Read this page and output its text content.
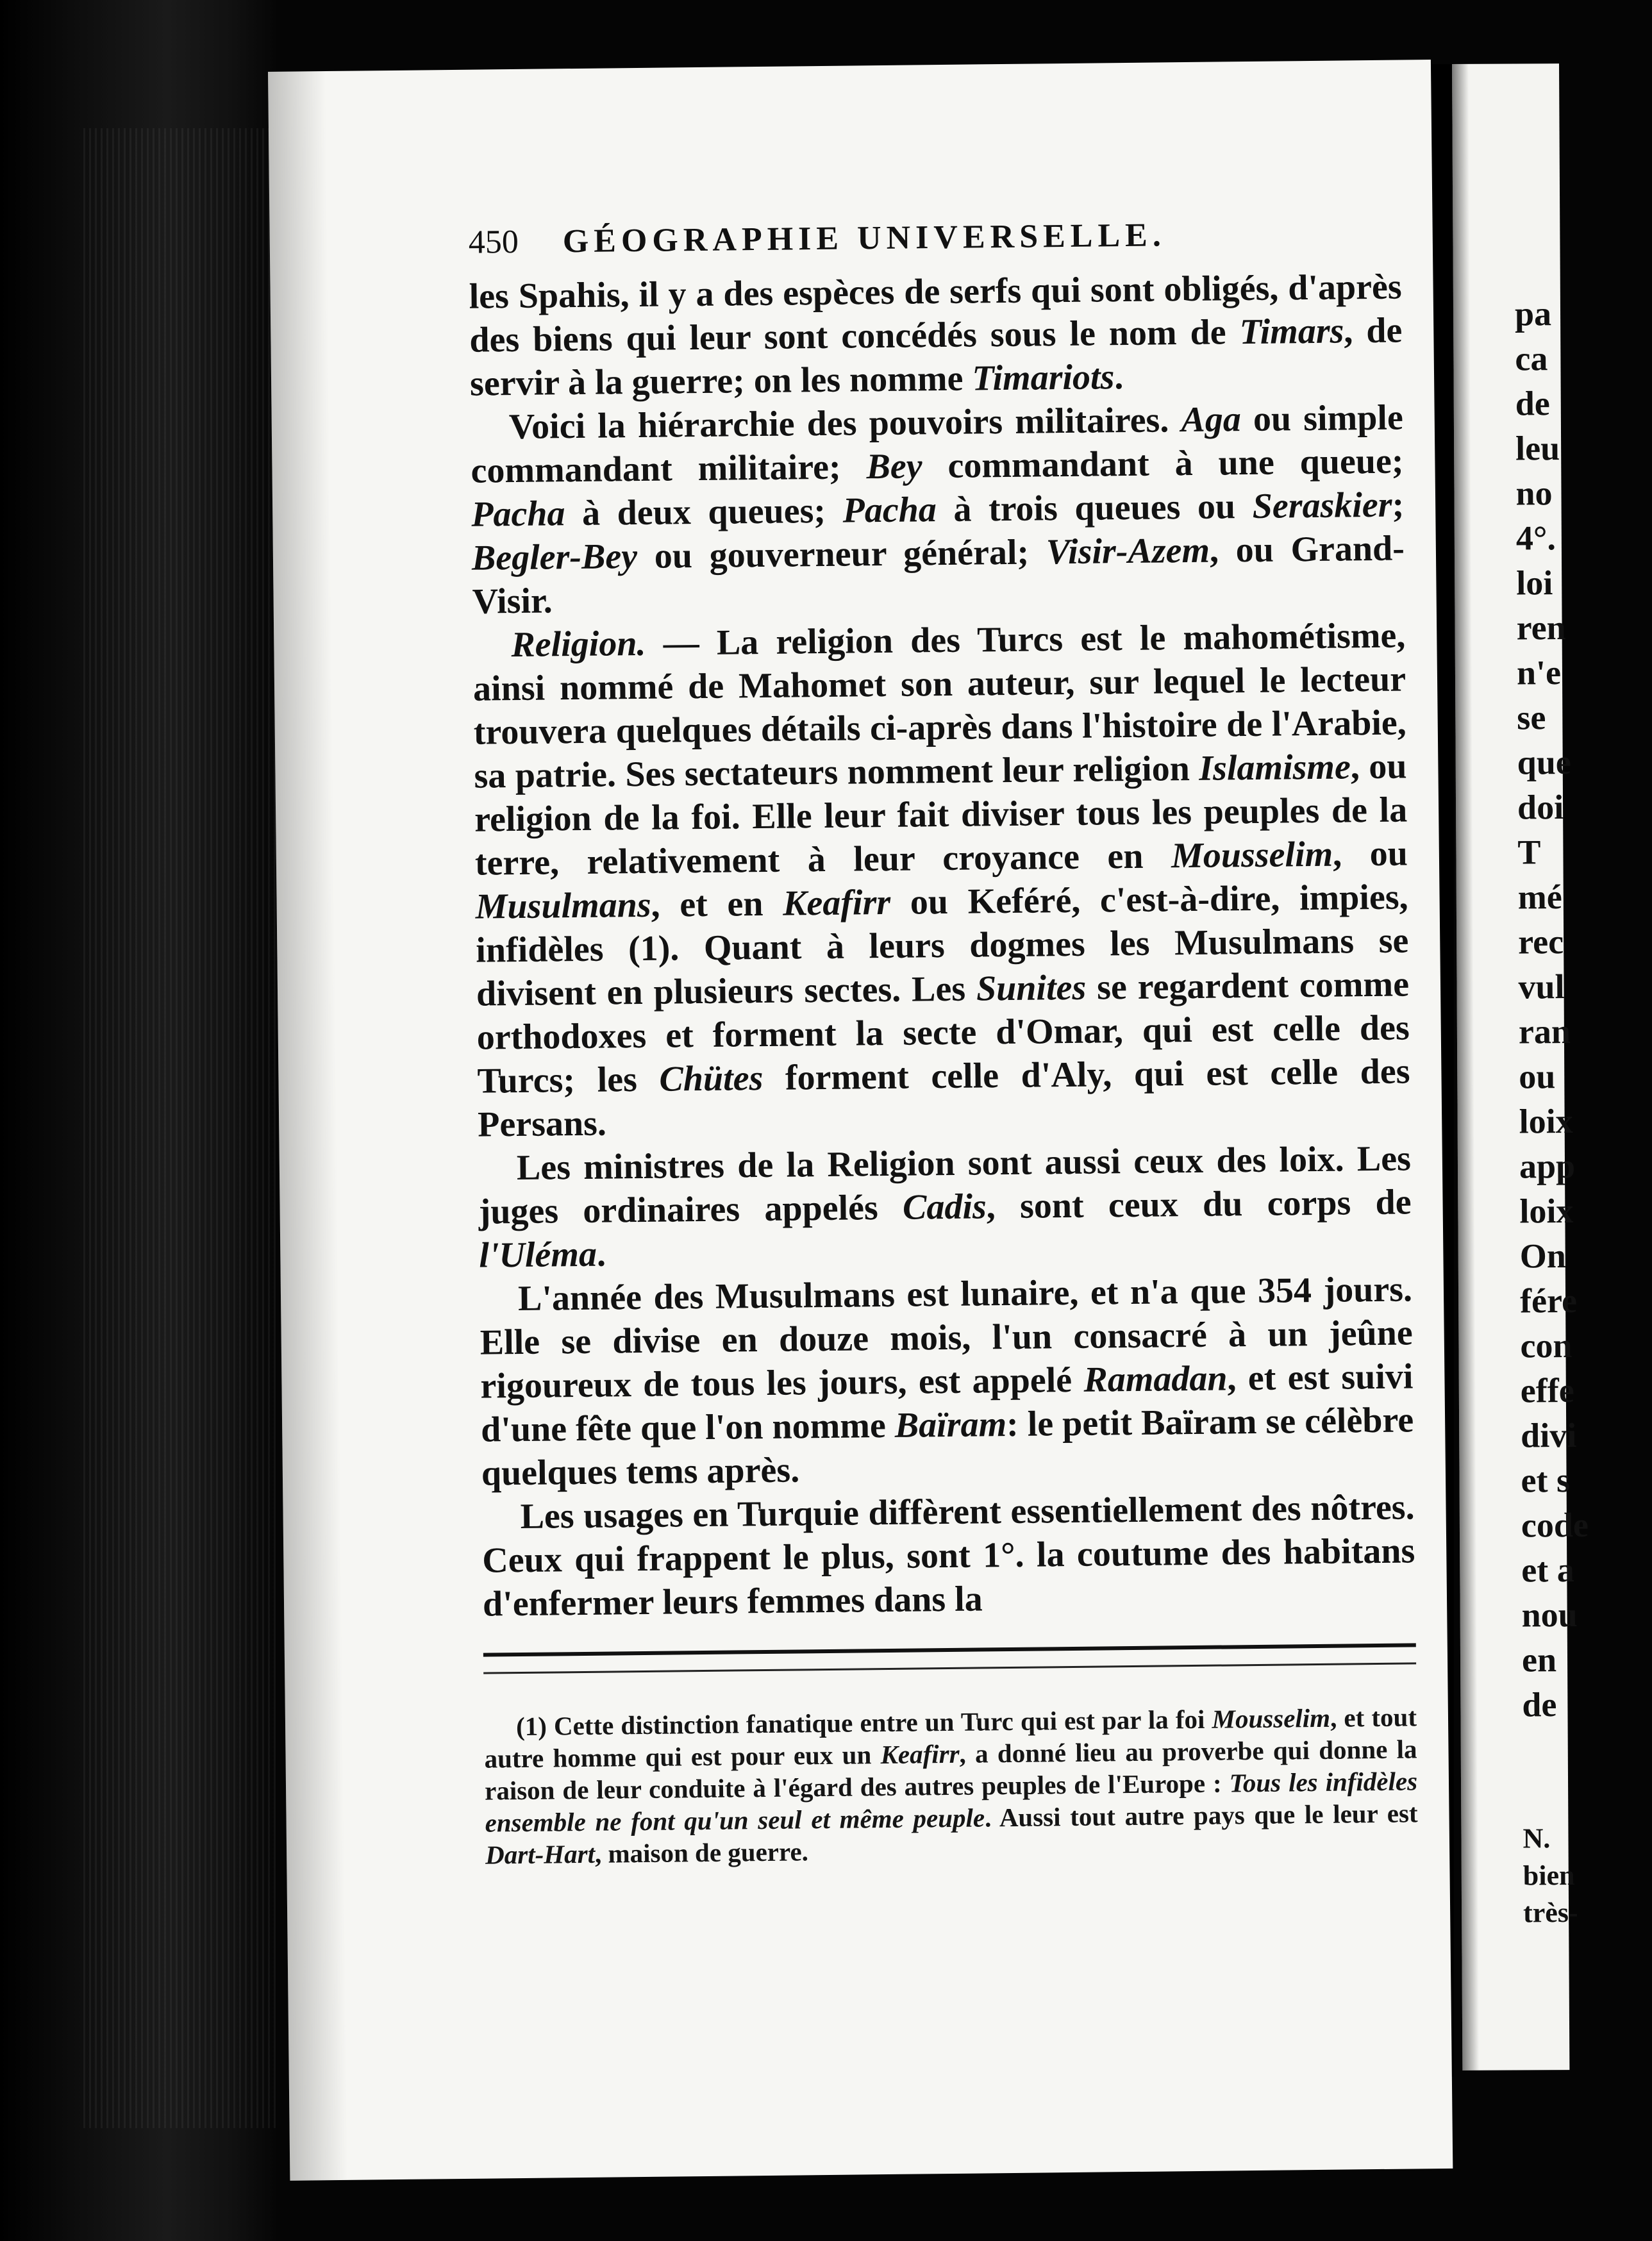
450 GÉOGRAPHIE UNIVERSELLE.

les Spahis, il y a des espèces de serfs qui sont obligés, d'après des biens qui leur sont concédés sous le nom de Timars, de servir à la guerre; on les nomme Timariots.

Voici la hiérarchie des pouvoirs militaires. Aga ou simple commandant militaire; Bey commandant à une queue; Pacha à deux queues; Pacha à trois queues ou Seraskier; Begler-Bey ou gouverneur général; Visir-Azem, ou Grand-Visir.

Religion. — La religion des Turcs est le mahométisme, ainsi nommé de Mahomet son auteur, sur lequel le lecteur trouvera quelques détails ci-après dans l'histoire de l'Arabie, sa patrie. Ses sectateurs nomment leur religion Islamisme, ou religion de la foi. Elle leur fait diviser tous les peuples de la terre, relativement à leur croyance en Mousselim, ou Musulmans, et en Keafirr ou Keféré, c'est-à-dire, impies, infidèles (1). Quant à leurs dogmes les Musulmans se divisent en plusieurs sectes. Les Sunites se regardent comme orthodoxes et forment la secte d'Omar, qui est celle des Turcs; les Chütes forment celle d'Aly, qui est celle des Persans.

Les ministres de la Religion sont aussi ceux des loix. Les juges ordinaires appelés Cadis, sont ceux du corps de l'Uléma.

L'année des Musulmans est lunaire, et n'a que 354 jours. Elle se divise en douze mois, l'un consacré à un jeûne rigoureux de tous les jours, est appelé Ramadan, et est suivi d'une fête que l'on nomme Baïram: le petit Baïram se célèbre quelques tems après.

Les usages en Turquie diffèrent essentiellement des nôtres. Ceux qui frappent le plus, sont 1°. la coutume des habitans d'enfermer leurs femmes dans la

(1) Cette distinction fanatique entre un Turc qui est par la foi Mousselim, et tout autre homme qui est pour eux un Keafirr, a donné lieu au proverbe qui donne la raison de leur conduite à l'égard des autres peuples de l'Europe : Tous les infidèles ensemble ne font qu'un seul et même peuple. Aussi tout autre pays que le leur est Dart-Hart, maison de guerre.

pa
ca
de
leu
no
4°.
loi
ren
n'e
se
que
doi
T
mé
rec
vul
ran
ou
loix
app
loix
On
fére
con
effe
divi
et s
code
et a
nou
en
de
N.
bien
très-
